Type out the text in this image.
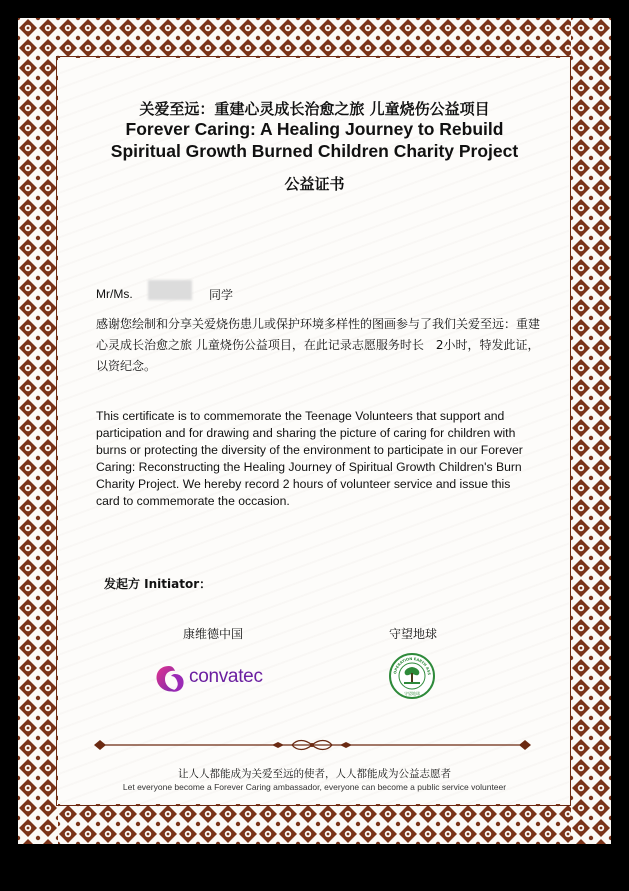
关爱至远：重建心灵成长治愈之旅 儿童烧伤公益项目
Forever Caring: A Healing Journey to Rebuild
Spiritual Growth Burned Children Charity Project
公益证书
Mr/Ms.	同学
感谢您绘制和分享关爱烧伤患儿或保护环境多样性的图画参与了我们关爱至远：重建心灵成长治愈之旅 儿童烧伤公益项目，在此记录志愿服务时长　2小时，特发此证，以资纪念。
This certificate is to commemorate the Teenage Volunteers that support and participation and for drawing and sharing the picture of caring for children with burns or protecting the diversity of the environment to participate in our Forever Caring: Reconstructing the Healing Journey of Spiritual Growth Children's Burn Charity Project. We hereby record 2 hours of volunteer service and issue this card to commemorate the occasion.
发起方 Initiator：
康维德中国	守望地球
convatec	OPERATION EARTH ASS
守望地球
让人人都能成为关爱至远的使者，人人都能成为公益志愿者
Let everyone become a Forever Caring ambassador, everyone can become a public service volunteer
